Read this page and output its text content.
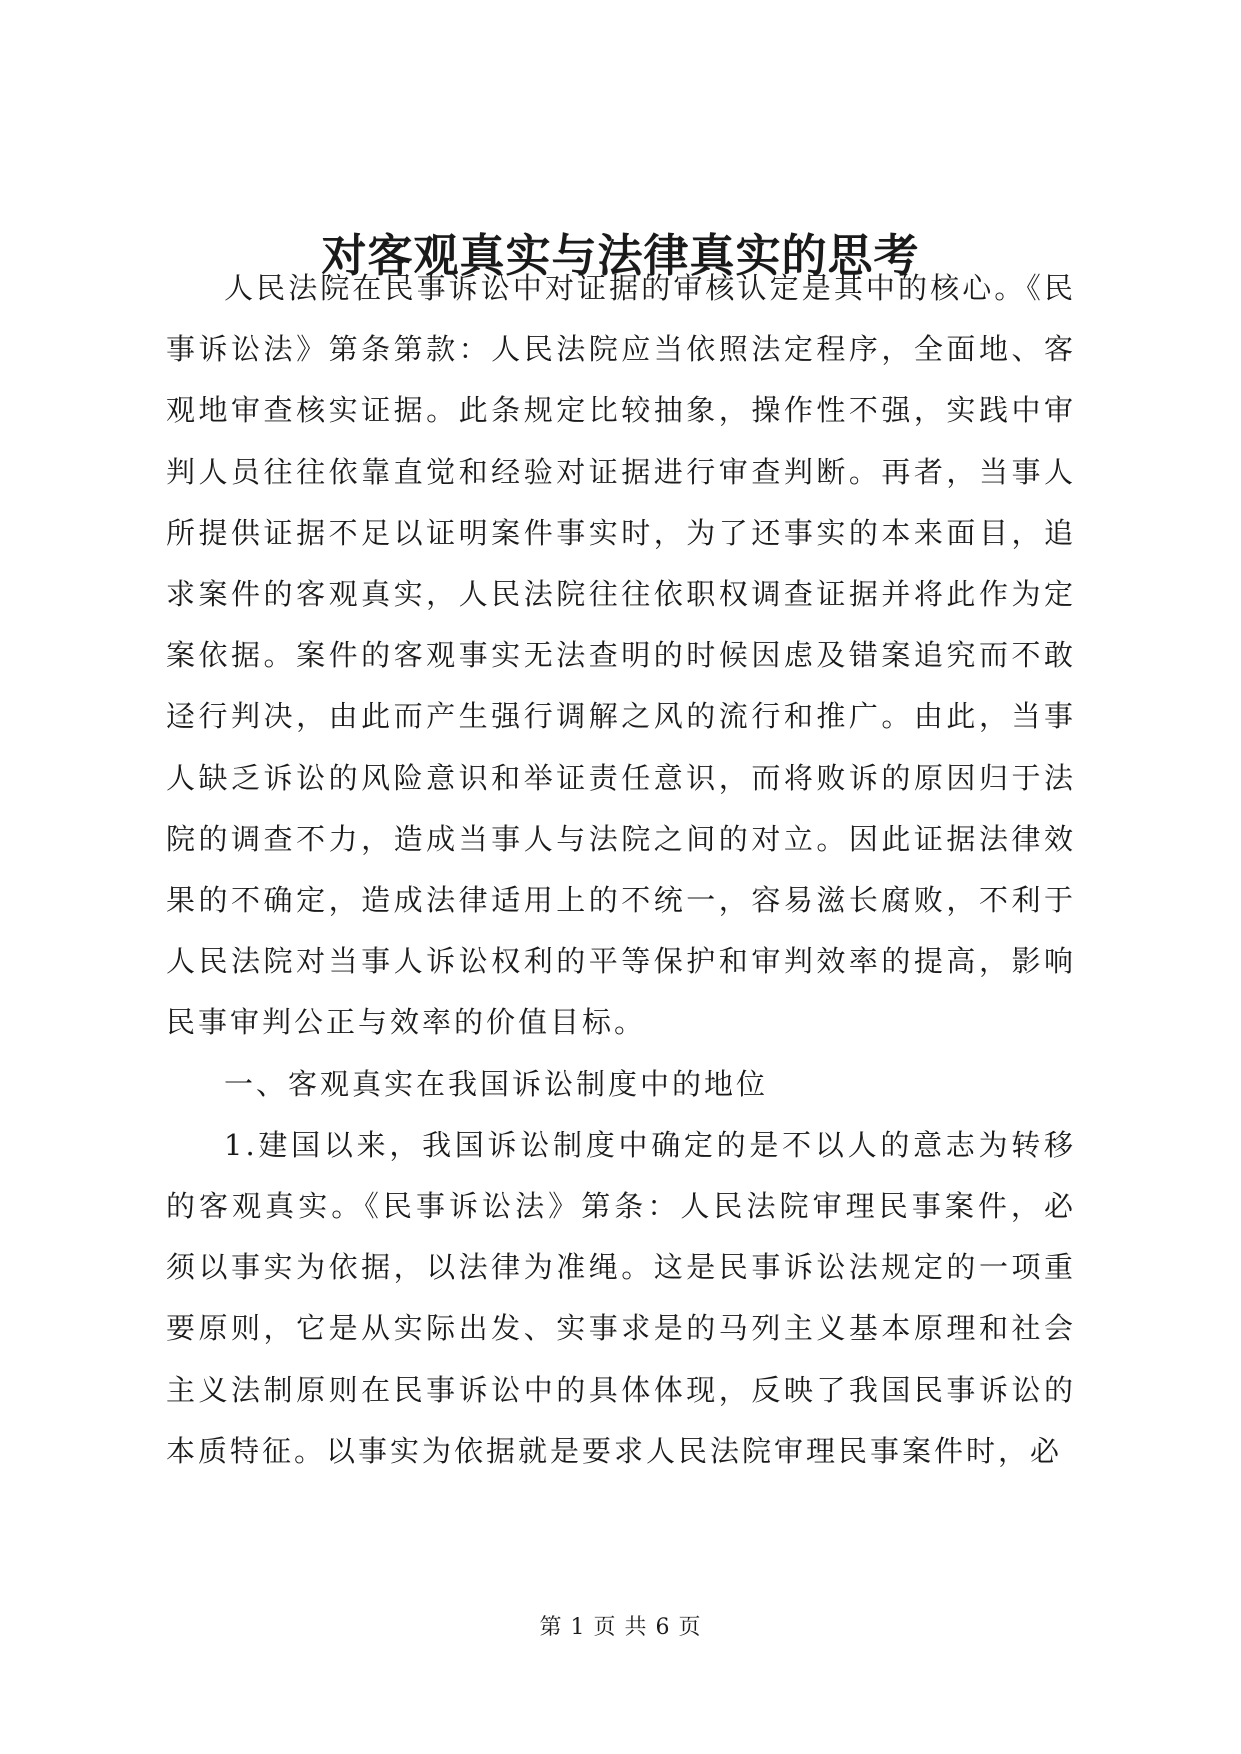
对客观真实与法律真实的思考

人民法院在民事诉讼中对证据的审核认定是其中的核心。《民事诉讼法》第条第款：人民法院应当依照法定程序，全面地、客观地审查核实证据。此条规定比较抽象，操作性不强，实践中审判人员往往依靠直觉和经验对证据进行审查判断。再者，当事人所提供证据不足以证明案件事实时，为了还事实的本来面目，追求案件的客观真实，人民法院往往依职权调查证据并将此作为定案依据。案件的客观事实无法查明的时候因虑及错案追究而不敢迳行判决，由此而产生强行调解之风的流行和推广。由此，当事人缺乏诉讼的风险意识和举证责任意识，而将败诉的原因归于法院的调查不力，造成当事人与法院之间的对立。因此证据法律效果的不确定，造成法律适用上的不统一，容易滋长腐败，不利于人民法院对当事人诉讼权利的平等保护和审判效率的提高，影响民事审判公正与效率的价值目标。

一、客观真实在我国诉讼制度中的地位

1.建国以来，我国诉讼制度中确定的是不以人的意志为转移的客观真实。《民事诉讼法》第条：人民法院审理民事案件，必须以事实为依据，以法律为准绳。这是民事诉讼法规定的一项重要原则，它是从实际出发、实事求是的马列主义基本原理和社会主义法制原则在民事诉讼中的具体体现，反映了我国民事诉讼的本质特征。以事实为依据就是要求人民法院审理民事案件时，必

第 1 页 共 6 页
